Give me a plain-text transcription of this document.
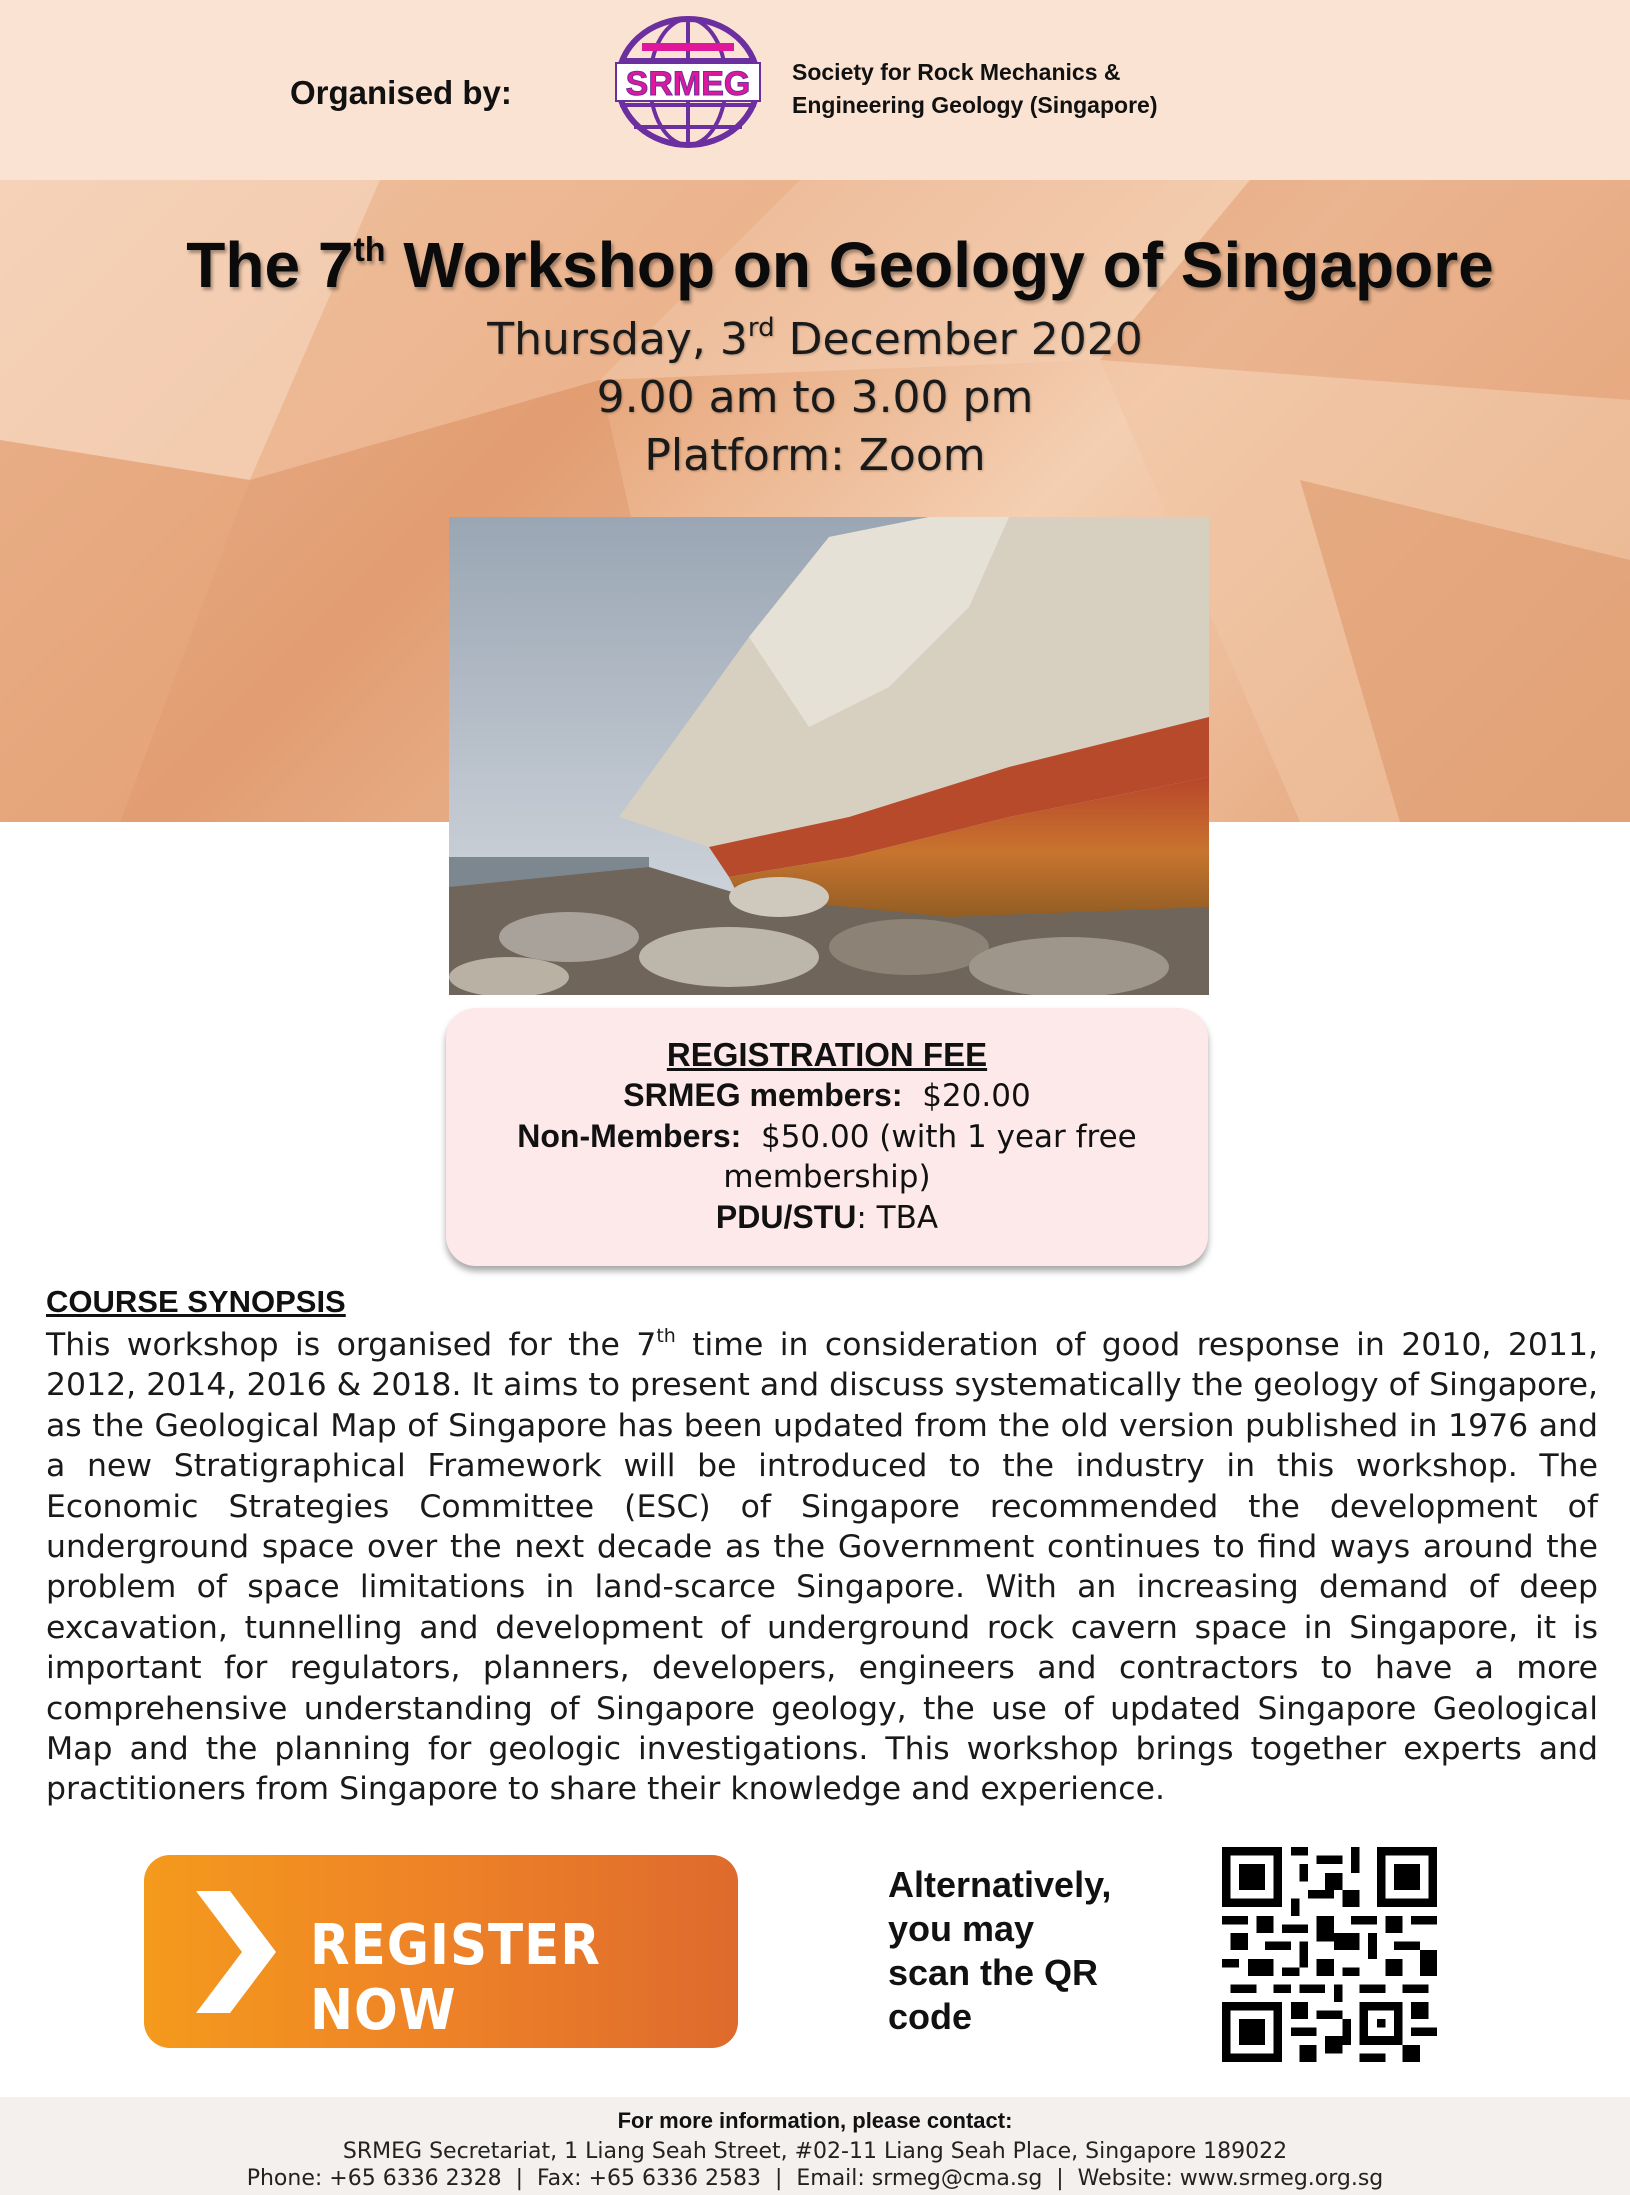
Organised by:	SRMEG Society for Rock Mechanics &
Engineering Geology (Singapore)
The 7th Workshop on Geology of Singapore
Thursday, 3rd December 2020
9.00 am to 3.00 pm
Platform: Zoom
REGISTRATION FEE
SRMEG members: $20.00
Non-Members: $50.00 (with 1 year free
membership)
PDU/STU: TBA
COURSE SYNOPSIS
This workshop is organised for the 7th time in consideration of good response in 2010, 2011, 2012, 2014, 2016 & 2018. It aims to present and discuss systematically the geology of Singapore, as the Geological Map of Singapore has been updated from the old version published in 1976 and a new Stratigraphical Framework will be introduced to the industry in this workshop. The Economic Strategies Committee (ESC) of Singapore recommended the development of underground space over the next decade as the Government continues to find ways around the problem of space limitations in land-scarce Singapore. With an increasing demand of deep excavation, tunnelling and development of underground rock cavern space in Singapore, it is important for regulators, planners, developers, engineers and contractors to have a more comprehensive understanding of Singapore geology, the use of updated Singapore Geological Map and the planning for geologic investigations. This workshop brings together experts and practitioners from Singapore to share their knowledge and experience.
REGISTER NOW
Alternatively,
you may
scan the QR
code
For more information, please contact:
SRMEG Secretariat, 1 Liang Seah Street, #02-11 Liang Seah Place, Singapore 189022
Phone: +65 6336 2328  |  Fax: +65 6336 2583  |  Email: srmeg@cma.sg  |  Website: www.srmeg.org.sg
